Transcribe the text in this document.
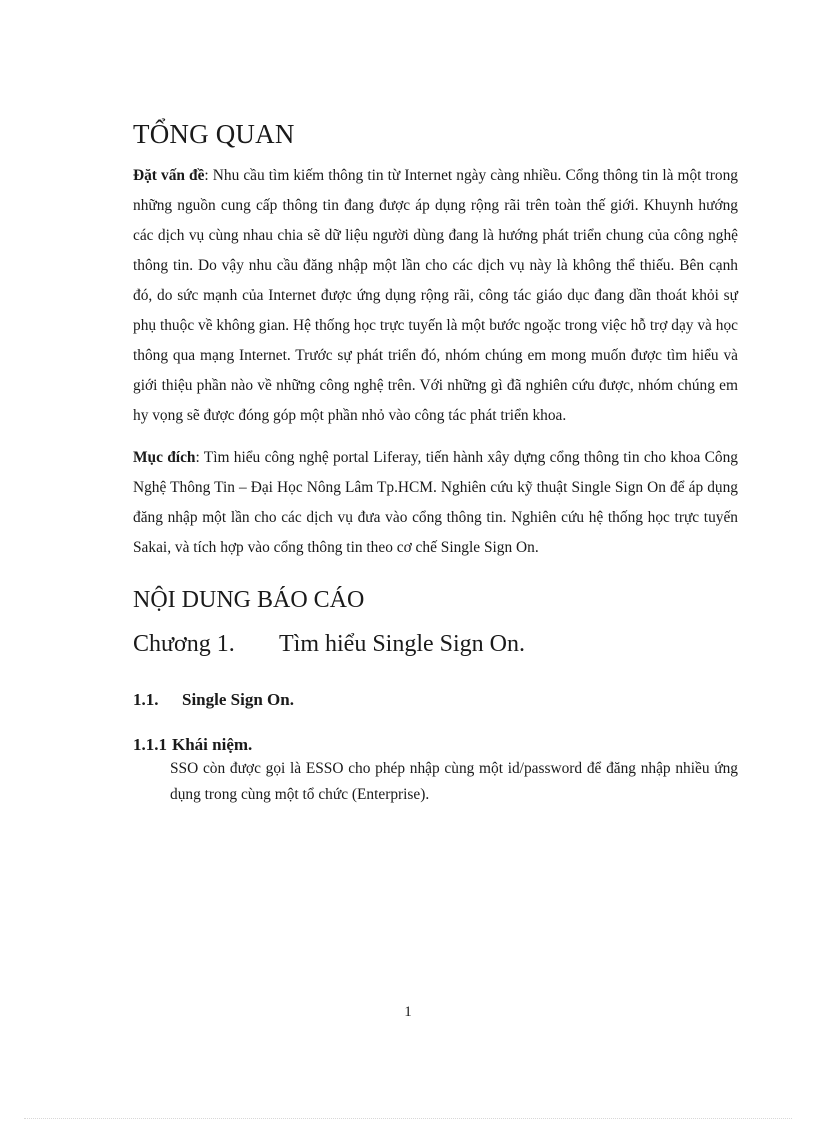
TỔNG QUAN

Đặt vấn đề: Nhu cầu tìm kiếm thông tin từ Internet ngày càng nhiều. Cổng thông tin là một trong những nguồn cung cấp thông tin đang được áp dụng rộng rãi trên toàn thế giới. Khuynh hướng các dịch vụ cùng nhau chia sẽ dữ liệu người dùng đang là hướng phát triển chung của công nghệ thông tin. Do vậy nhu cầu đăng nhập một lần cho các dịch vụ này là không thể thiếu. Bên cạnh đó, do sức mạnh của Internet được ứng dụng rộng rãi, công tác giáo dục đang dần thoát khỏi sự phụ thuộc về không gian. Hệ thống học trực tuyến là một bước ngoặc trong việc hỗ trợ dạy và học thông qua mạng Internet. Trước sự phát triển đó, nhóm chúng em mong muốn được tìm hiểu và giới thiệu phần nào về những công nghệ trên. Với những gì đã nghiên cứu được, nhóm chúng em hy vọng sẽ được đóng góp một phần nhỏ vào công tác phát triển khoa.

Mục đích: Tìm hiểu công nghệ portal Liferay, tiến hành xây dựng cổng thông tin cho khoa Công Nghệ Thông Tin – Đại Học Nông Lâm Tp.HCM. Nghiên cứu kỹ thuật Single Sign On để áp dụng đăng nhập một lần cho các dịch vụ đưa vào cổng thông tin. Nghiên cứu hệ thống học trực tuyến Sakai, và tích hợp vào cổng thông tin theo cơ chế Single Sign On.

NỘI DUNG BÁO CÁO
Chương 1.	Tìm hiểu Single Sign On.
1.1.	Single Sign On.
1.1.1 Khái niệm.

SSO còn được gọi là ESSO cho phép nhập cùng một id/password để đăng nhập nhiều ứng dụng trong cùng một tổ chức (Enterprise).

1
